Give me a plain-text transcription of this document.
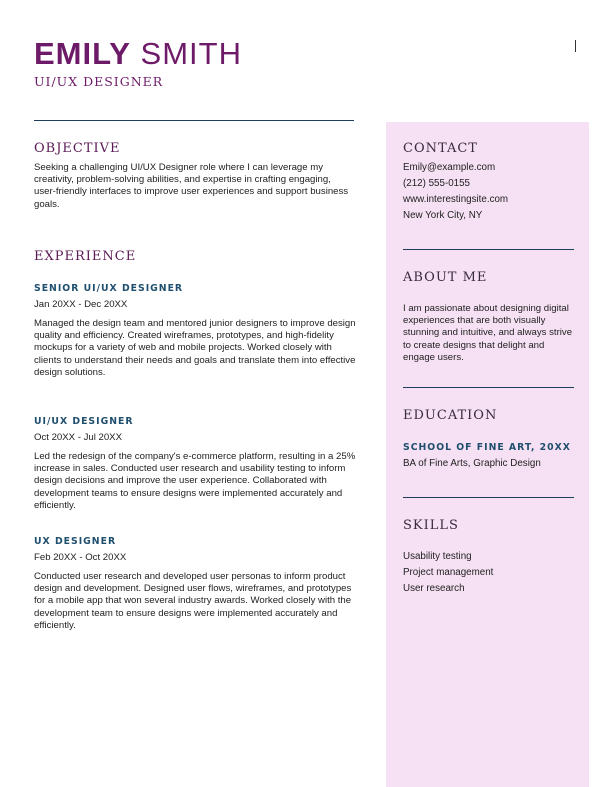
EMILY SMITH
UI/UX DESIGNER
OBJECTIVE
Seeking a challenging UI/UX Designer role where I can leverage my creativity, problem-solving abilities, and expertise in crafting engaging, user-friendly interfaces to improve user experiences and support business goals.
EXPERIENCE
SENIOR UI/UX DESIGNER
Jan 20XX - Dec 20XX
Managed the design team and mentored junior designers to improve design quality and efficiency. Created wireframes, prototypes, and high-fidelity mockups for a variety of web and mobile projects. Worked closely with clients to understand their needs and goals and translate them into effective design solutions.
UI/UX DESIGNER
Oct 20XX - Jul 20XX
Led the redesign of the company's e-commerce platform, resulting in a 25% increase in sales. Conducted user research and usability testing to inform design decisions and improve the user experience. Collaborated with development teams to ensure designs were implemented accurately and efficiently.
UX DESIGNER
Feb 20XX - Oct 20XX
Conducted user research and developed user personas to inform product design and development. Designed user flows, wireframes, and prototypes for a mobile app that won several industry awards. Worked closely with the development team to ensure designs were implemented accurately and efficiently.
CONTACT
Emily@example.com
(212) 555-0155
www.interestingsite.com
New York City, NY
ABOUT ME
I am passionate about designing digital experiences that are both visually stunning and intuitive, and always strive to create designs that delight and engage users.
EDUCATION
SCHOOL OF FINE ART, 20XX
BA of Fine Arts, Graphic Design
SKILLS
Usability testing
Project management
User research
